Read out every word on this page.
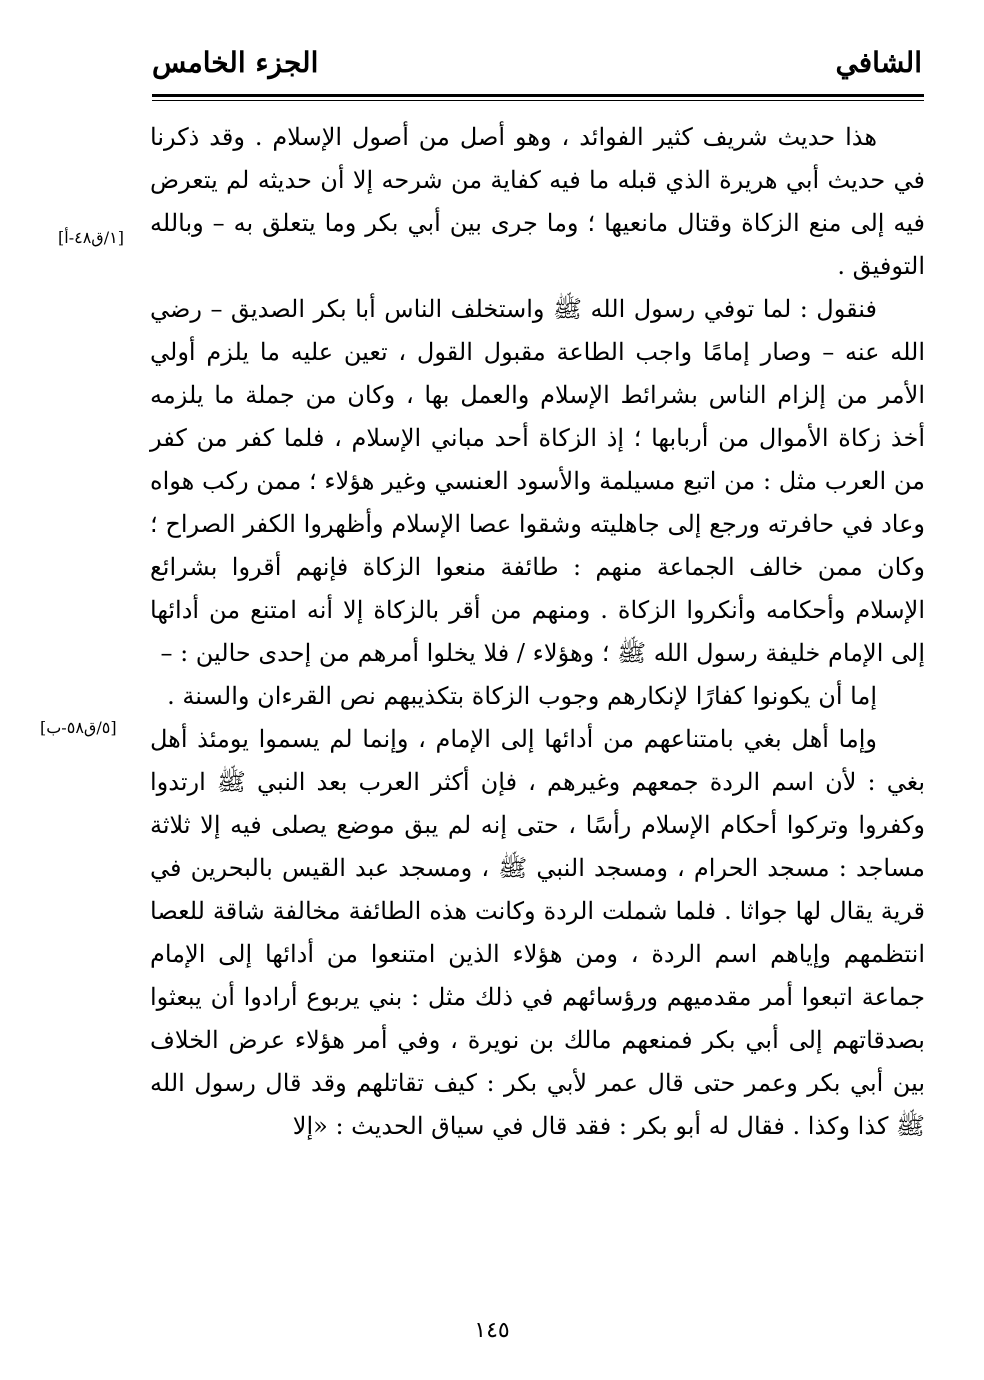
الشافي
الجزء الخامس
[١/ق٤٨-أ]
[٥/ق٥٨-ب]

هذا حديث شريف كثير الفوائد ، وهو أصل من أصول الإسلام . وقد ذكرنا في حديث أبي هريرة الذي قبله ما فيه كفاية من شرحه إلا أن حديثه لم يتعرض فيه إلى منع الزكاة وقتال مانعيها ؛ وما جرى بين أبي بكر وما يتعلق به – وبالله التوفيق .

فنقول : لما توفي رسول الله ﷺ واستخلف الناس أبا بكر الصديق – رضي الله عنه – وصار إمامًا واجب الطاعة مقبول القول ، تعين عليه ما يلزم أولي الأمر من إلزام الناس بشرائط الإسلام والعمل بها ، وكان من جملة ما يلزمه أخذ زكاة الأموال من أربابها ؛ إذ الزكاة أحد مباني الإسلام ، فلما كفر من كفر من العرب مثل : من اتبع مسيلمة والأسود العنسي وغير هؤلاء ؛ ممن ركب هواه وعاد في حافرته ورجع إلى جاهليته وشقوا عصا الإسلام وأظهروا الكفر الصراح ؛ وكان ممن خالف الجماعة منهم : طائفة منعوا الزكاة فإنهم أقروا بشرائع الإسلام وأحكامه وأنكروا الزكاة . ومنهم من أقر بالزكاة إلا أنه امتنع من أدائها إلى الإمام خليفة رسول الله ﷺ ؛ وهؤلاء / فلا يخلوا أمرهم من إحدى حالين : –

إما أن يكونوا كفارًا لإنكارهم وجوب الزكاة بتكذيبهم نص القرءان والسنة .

وإما أهل بغي بامتناعهم من أدائها إلى الإمام ، وإنما لم يسموا يومئذ أهل بغي : لأن اسم الردة جمعهم وغيرهم ، فإن أكثر العرب بعد النبي ﷺ ارتدوا وكفروا وتركوا أحكام الإسلام رأسًا ، حتى إنه لم يبق موضع يصلى فيه إلا ثلاثة مساجد : مسجد الحرام ، ومسجد النبي ﷺ ، ومسجد عبد القيس بالبحرين في قرية يقال لها جواثا . فلما شملت الردة وكانت هذه الطائفة مخالفة شاقة للعصا انتظمهم وإياهم اسم الردة ، ومن هؤلاء الذين امتنعوا من أدائها إلى الإمام جماعة اتبعوا أمر مقدميهم ورؤسائهم في ذلك مثل : بني يربوع أرادوا أن يبعثوا بصدقاتهم إلى أبي بكر فمنعهم مالك بن نويرة ، وفي أمر هؤلاء عرض الخلاف بين أبي بكر وعمر حتى قال عمر لأبي بكر : كيف تقاتلهم وقد قال رسول الله ﷺ كذا وكذا . فقال له أبو بكر : فقد قال في سياق الحديث : «إلا

١٤٥
